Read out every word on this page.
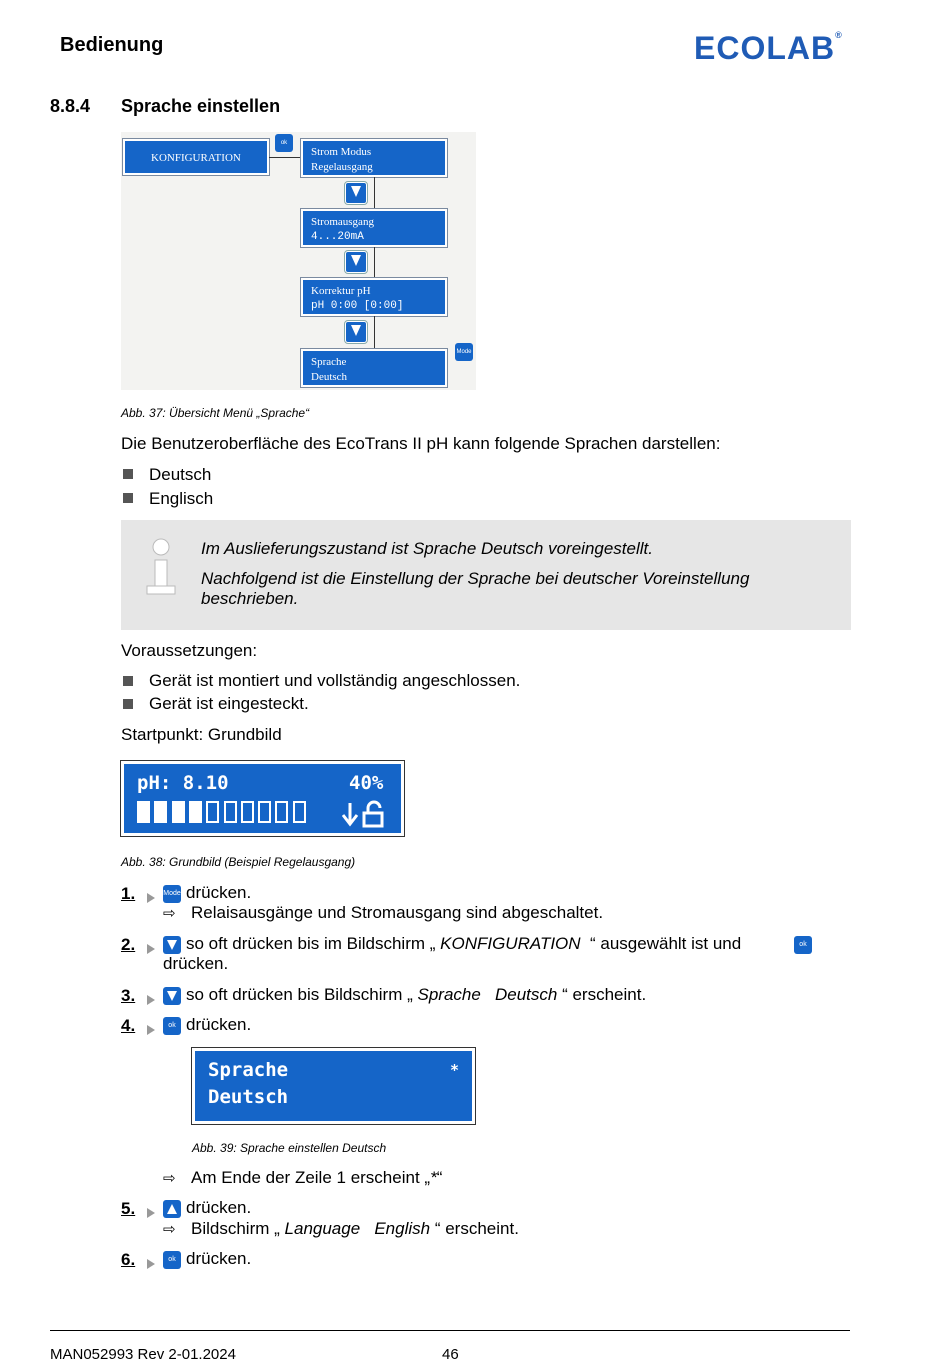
Bedienung	ECOLAB®
8.8.4 Sprache einstellen
KONFIGURATION
ok
Strom Modus
Regelausgang
Stromausgang
4...20mA
Korrektur pH
pH 0:00 [0:00]
Sprache
Deutsch
Mode
Abb. 37: Übersicht Menü „Sprache“
Die Benutzeroberfläche des EcoTrans II pH kann folgende Sprachen darstellen:
Deutsch
Englisch
Im Auslieferungszustand ist Sprache Deutsch voreingestellt.
Nachfolgend ist die Einstellung der Sprache bei deutscher Voreinstellung
beschrieben.
Voraussetzungen:
Gerät ist montiert und vollständig angeschlossen.
Gerät ist eingesteckt.
Startpunkt: Grundbild
pH: 8.10	40%
Abb. 38: Grundbild (Beispiel Regelausgang)
1.	Mode drücken.
⇨ Relaisausgänge und Stromausgang sind abgeschaltet.
2.	so oft drücken bis im Bildschirm „ KONFIGURATION “ ausgewählt ist und	ok
drücken.
3.	so oft drücken bis Bildschirm „ Sprache Deutsch “ erscheint.
4.	ok drücken.
Sprache	*
Deutsch
Abb. 39: Sprache einstellen Deutsch
⇨ Am Ende der Zeile 1 erscheint „*“
5.	drücken.
⇨ Bildschirm „ Language English “ erscheint.
6.	ok drücken.
MAN052993 Rev 2-01.2024	46
